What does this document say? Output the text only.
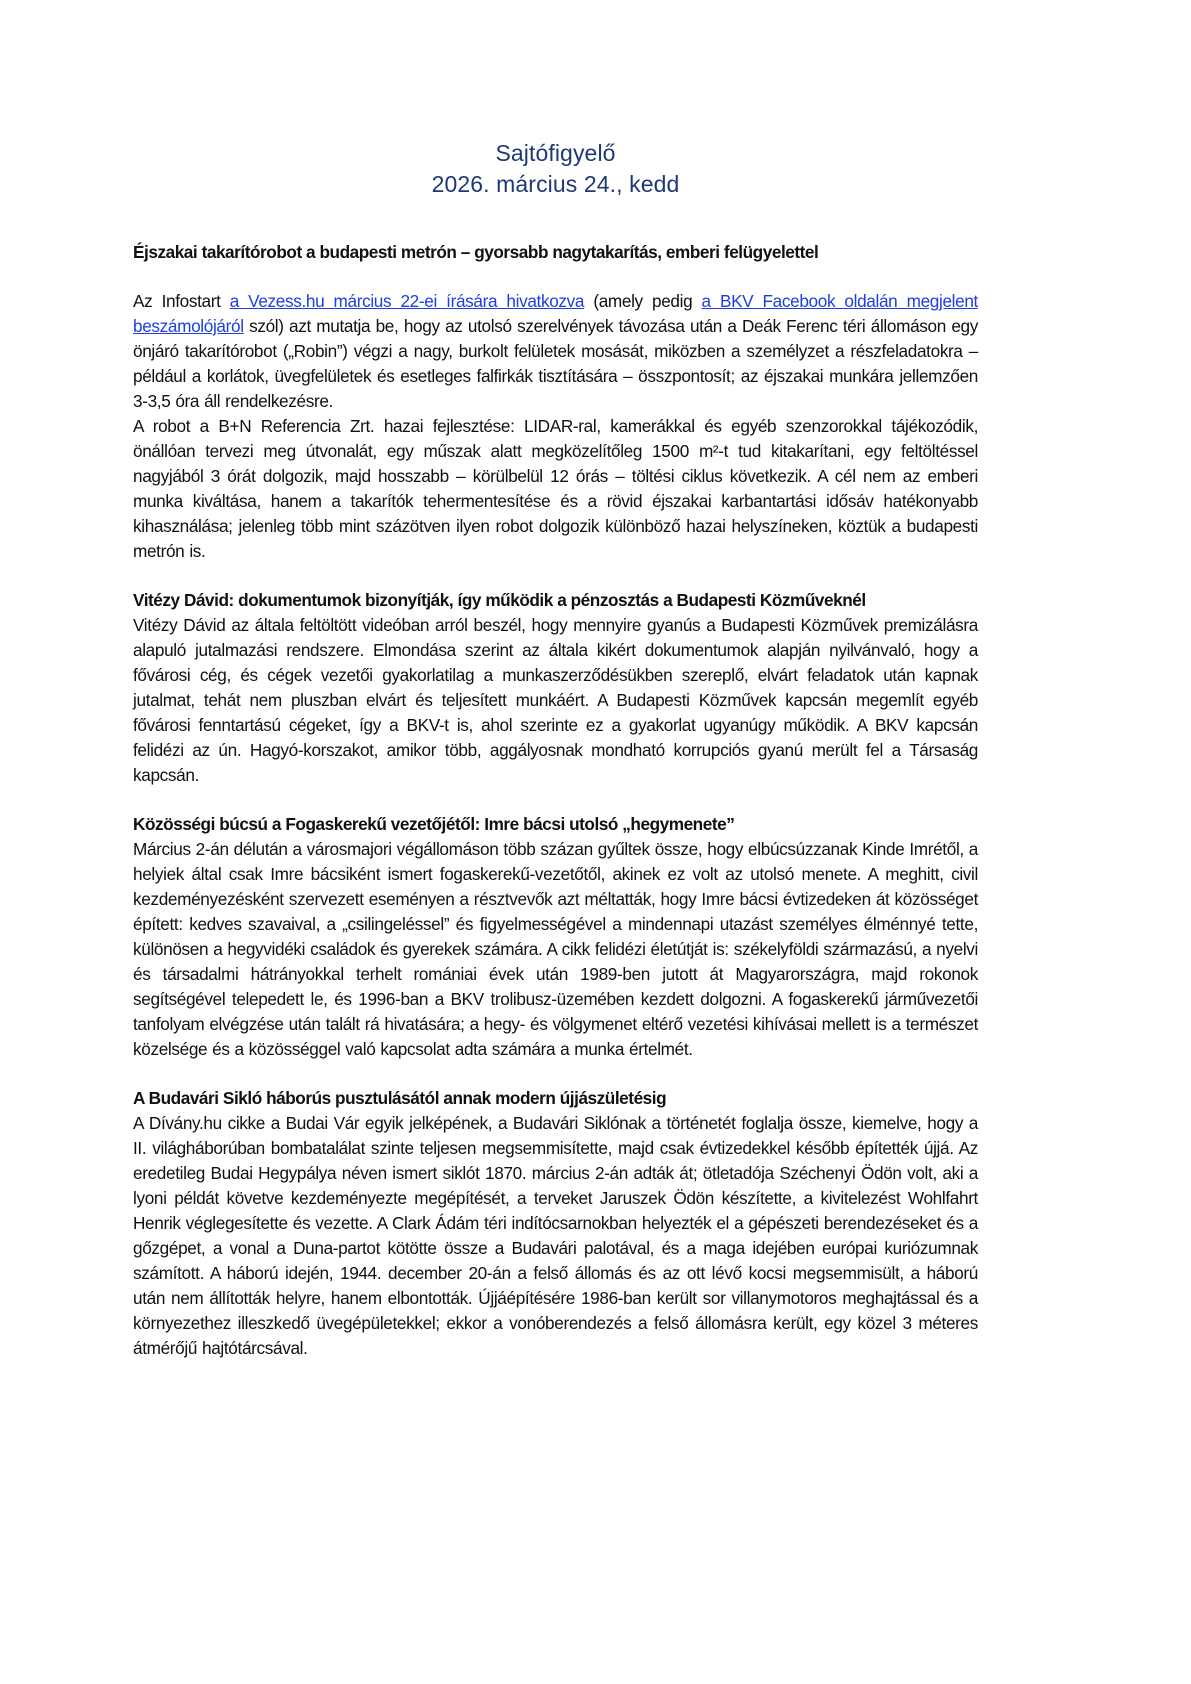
Sajtófigyelő
2026. március 24., kedd
Éjszakai takarítórobot a budapesti metrón – gyorsabb nagytakarítás, emberi felügyelettel

Az Infostart a Vezess.hu március 22-ei írására hivatkozva (amely pedig a BKV Facebook oldalán megjelent beszámolójáról szól) azt mutatja be, hogy az utolsó szerelvények távozása után a Deák Ferenc téri állomáson egy önjáró takarítórobot („Robin”) végzi a nagy, burkolt felületek mosását, miközben a személyzet a részfeladatokra – például a korlátok, üvegfelületek és esetleges falfirkák tisztítására – összpontosít; az éjszakai munkára jellemzően 3-3,5 óra áll rendelkezésre.

A robot a B+N Referencia Zrt. hazai fejlesztése: LIDAR-ral, kamerákkal és egyéb szenzorokkal tájékozódik, önállóan tervezi meg útvonalát, egy műszak alatt megközelítőleg 1500 m²-t tud kitakarítani, egy feltöltéssel nagyjából 3 órát dolgozik, majd hosszabb – körülbelül 12 órás – töltési ciklus következik. A cél nem az emberi munka kiváltása, hanem a takarítók tehermentesítése és a rövid éjszakai karbantartási idősáv hatékonyabb kihasználása; jelenleg több mint százötven ilyen robot dolgozik különböző hazai helyszíneken, köztük a budapesti metrón is.

Vitézy Dávid: dokumentumok bizonyítják, így működik a pénzosztás a Budapesti Közműveknél

Vitézy Dávid az általa feltöltött videóban arról beszél, hogy mennyire gyanús a Budapesti Közművek premizálásra alapuló jutalmazási rendszere. Elmondása szerint az általa kikért dokumentumok alapján nyilvánvaló, hogy a fővárosi cég, és cégek vezetői gyakorlatilag a munkaszerződésükben szereplő, elvárt feladatok után kapnak jutalmat, tehát nem pluszban elvárt és teljesített munkáért. A Budapesti Közművek kapcsán megemlít egyéb fővárosi fenntartású cégeket, így a BKV-t is, ahol szerinte ez a gyakorlat ugyanúgy működik. A BKV kapcsán felidézi az ún. Hagyó-korszakot, amikor több, aggályosnak mondható korrupciós gyanú merült fel a Társaság kapcsán.

Közösségi búcsú a Fogaskerekű vezetőjétől: Imre bácsi utolsó „hegymenete”

Március 2-án délután a városmajori végállomáson több százan gyűltek össze, hogy elbúcsúzzanak Kinde Imrétől, a helyiek által csak Imre bácsiként ismert fogaskerekű-vezetőtől, akinek ez volt az utolsó menete. A meghitt, civil kezdeményezésként szervezett eseményen a résztvevők azt méltatták, hogy Imre bácsi évtizedeken át közösséget épített: kedves szavaival, a „csilingeléssel” és figyelmességével a mindennapi utazást személyes élménnyé tette, különösen a hegyvidéki családok és gyerekek számára. A cikk felidézi életútját is: székelyföldi származású, a nyelvi és társadalmi hátrányokkal terhelt romániai évek után 1989-ben jutott át Magyarországra, majd rokonok segítségével telepedett le, és 1996-ban a BKV trolibusz-üzemében kezdett dolgozni. A fogaskerekű járművezetői tanfolyam elvégzése után talált rá hivatására; a hegy- és völgymenet eltérő vezetési kihívásai mellett is a természet közelsége és a közösséggel való kapcsolat adta számára a munka értelmét.

A Budavári Sikló háborús pusztulásától annak modern újjászületésig

A Dívány.hu cikke a Budai Vár egyik jelképének, a Budavári Siklónak a történetét foglalja össze, kiemelve, hogy a II. világháborúban bombatalálat szinte teljesen megsemmisítette, majd csak évtizedekkel később építették újjá. Az eredetileg Budai Hegypálya néven ismert siklót 1870. március 2-án adták át; ötletadója Széchenyi Ödön volt, aki a lyoni példát követve kezdeményezte megépítését, a terveket Jaruszek Ödön készítette, a kivitelezést Wohlfahrt Henrik véglegesítette és vezette. A Clark Ádám téri indítócsarnokban helyezték el a gépészeti berendezéseket és a gőzgépet, a vonal a Duna-partot kötötte össze a Budavári palotával, és a maga idejében európai kuriózumnak számított. A háború idején, 1944. december 20-án a felső állomás és az ott lévő kocsi megsemmisült, a háború után nem állították helyre, hanem elbontották. Újjáépítésére 1986-ban került sor villanymotoros meghajtással és a környezethez illeszkedő üvegépületekkel; ekkor a vonóberendezés a felső állomásra került, egy közel 3 méteres átmérőjű hajtótárcsával.
